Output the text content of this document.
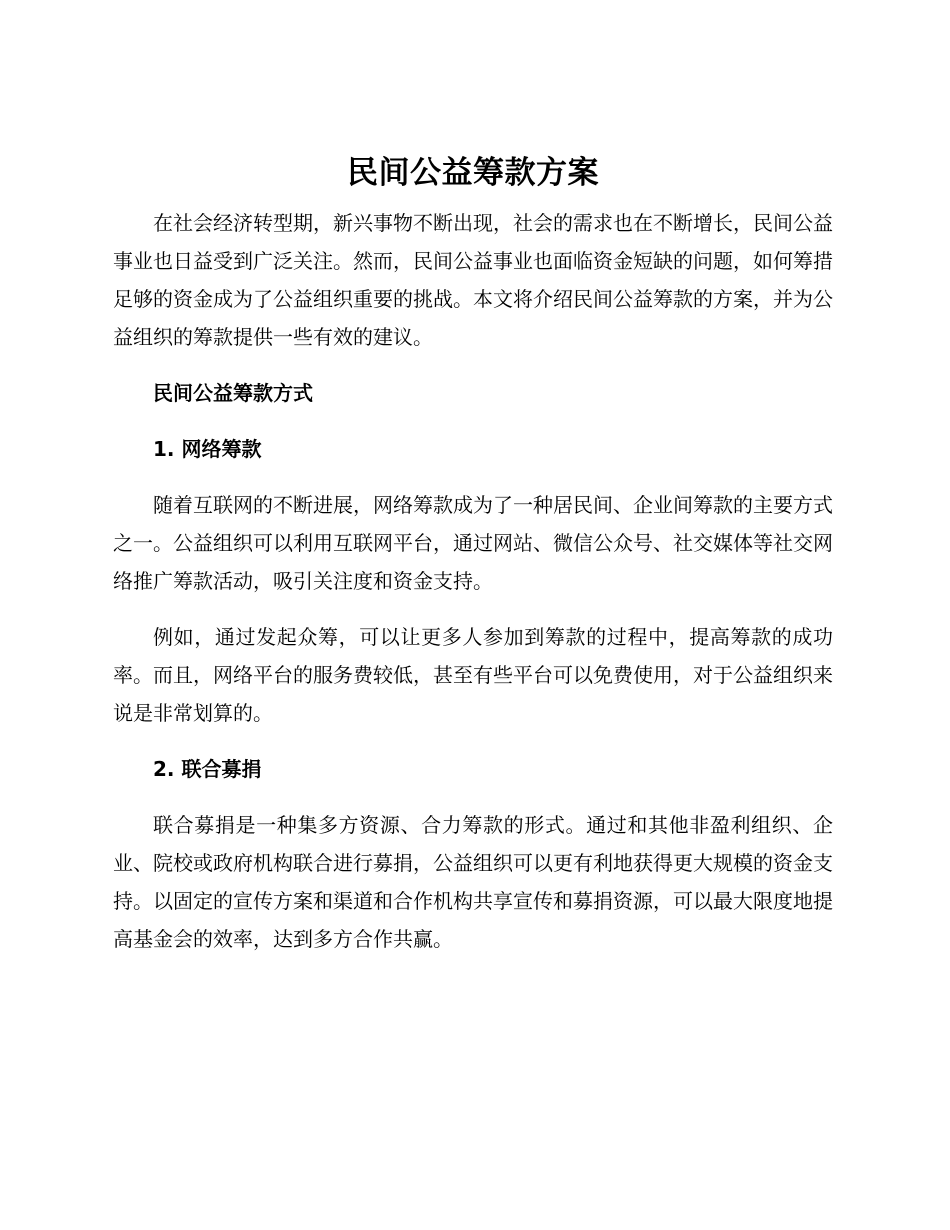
民间公益筹款方案

在社会经济转型期，新兴事物不断出现，社会的需求也在不断增长，民间公益事业也日益受到广泛关注。然而，民间公益事业也面临资金短缺的问题，如何筹措足够的资金成为了公益组织重要的挑战。本文将介绍民间公益筹款的方案，并为公益组织的筹款提供一些有效的建议。

民间公益筹款方式

1. 网络筹款

随着互联网的不断进展，网络筹款成为了一种居民间、企业间筹款的主要方式之一。公益组织可以利用互联网平台，通过网站、微信公众号、社交媒体等社交网络推广筹款活动，吸引关注度和资金支持。

例如，通过发起众筹，可以让更多人参加到筹款的过程中，提高筹款的成功率。而且，网络平台的服务费较低，甚至有些平台可以免费使用，对于公益组织来说是非常划算的。

2. 联合募捐

联合募捐是一种集多方资源、合力筹款的形式。通过和其他非盈利组织、企业、院校或政府机构联合进行募捐，公益组织可以更有利地获得更大规模的资金支持。以固定的宣传方案和渠道和合作机构共享宣传和募捐资源，可以最大限度地提高基金会的效率，达到多方合作共赢。
